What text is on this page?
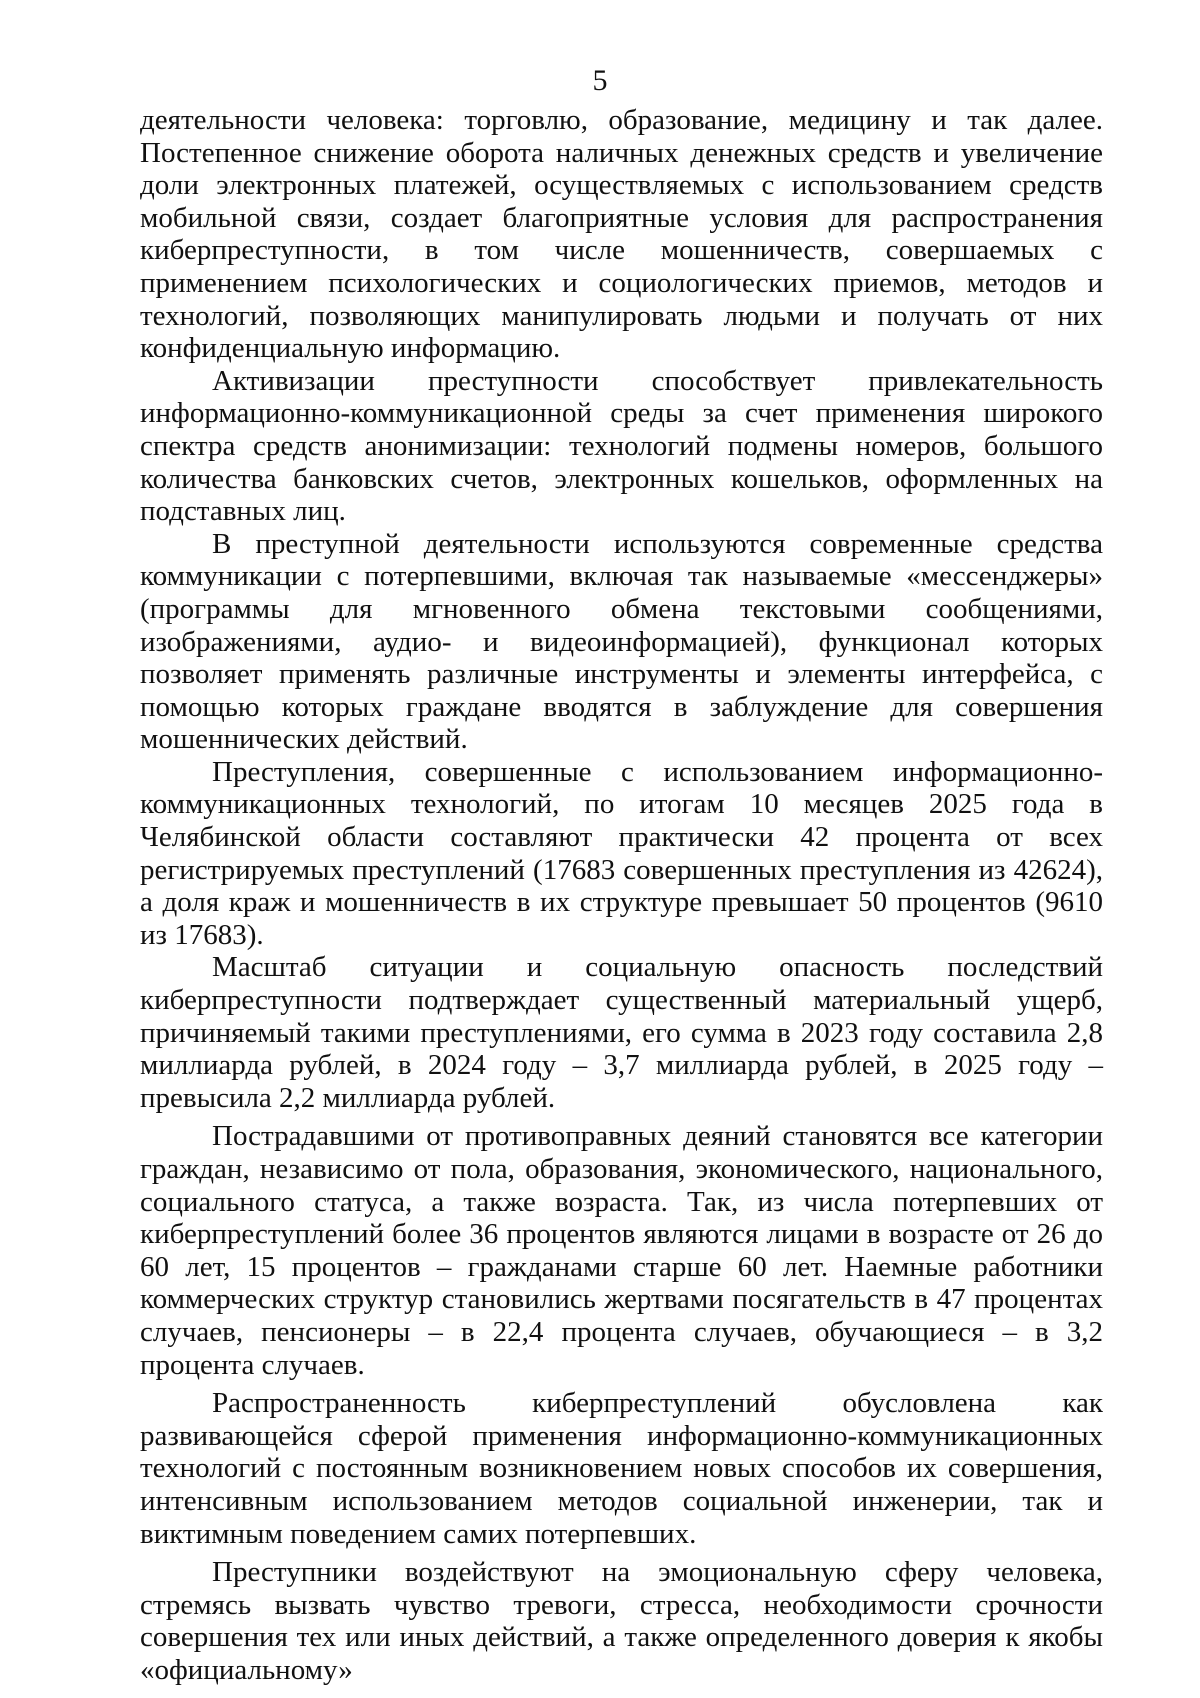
5

деятельности человека: торговлю, образование, медицину и так далее. Постепенное снижение оборота наличных денежных средств и увеличение доли электронных платежей, осуществляемых с использованием средств мобильной связи, создает благоприятные условия для распространения киберпреступности, в том числе мошенничеств, совершаемых с применением психологических и социологических приемов, методов и технологий, позволяющих манипулировать людьми и получать от них конфиденциальную информацию.

Активизации преступности способствует привлекательность информационно-коммуникационной среды за счет применения широкого спектра средств анонимизации: технологий подмены номеров, большого количества банковских счетов, электронных кошельков, оформленных на подставных лиц.

В преступной деятельности используются современные средства коммуникации с потерпевшими, включая так называемые «мессенджеры» (программы для мгновенного обмена текстовыми сообщениями, изображениями, аудио- и видеоинформацией), функционал которых позволяет применять различные инструменты и элементы интерфейса, с помощью которых граждане вводятся в заблуждение для совершения мошеннических действий.

Преступления, совершенные с использованием информационно-коммуникационных технологий, по итогам 10 месяцев 2025 года в Челябинской области составляют практически 42 процента от всех регистрируемых преступлений (17683 совершенных преступления из 42624), а доля краж и мошенничеств в их структуре превышает 50 процентов (9610 из 17683).

Масштаб ситуации и социальную опасность последствий киберпреступности подтверждает существенный материальный ущерб, причиняемый такими преступлениями, его сумма в 2023 году составила 2,8 миллиарда рублей, в 2024 году – 3,7 миллиарда рублей, в 2025 году – превысила 2,2 миллиарда рублей.

Пострадавшими от противоправных деяний становятся все категории граждан, независимо от пола, образования, экономического, национального, социального статуса, а также возраста. Так, из числа потерпевших от киберпреступлений более 36 процентов являются лицами в возрасте от 26 до 60 лет, 15 процентов – гражданами старше 60 лет. Наемные работники коммерческих структур становились жертвами посягательств в 47 процентах случаев, пенсионеры – в 22,4 процента случаев, обучающиеся – в 3,2 процента случаев.

Распространенность киберпреступлений обусловлена как развивающейся сферой применения информационно-коммуникационных технологий с постоянным возникновением новых способов их совершения, интенсивным использованием методов социальной инженерии, так и виктимным поведением самих потерпевших.

Преступники воздействуют на эмоциональную сферу человека, стремясь вызвать чувство тревоги, стресса, необходимости срочности совершения тех или иных действий, а также определенного доверия к якобы «официальному»
